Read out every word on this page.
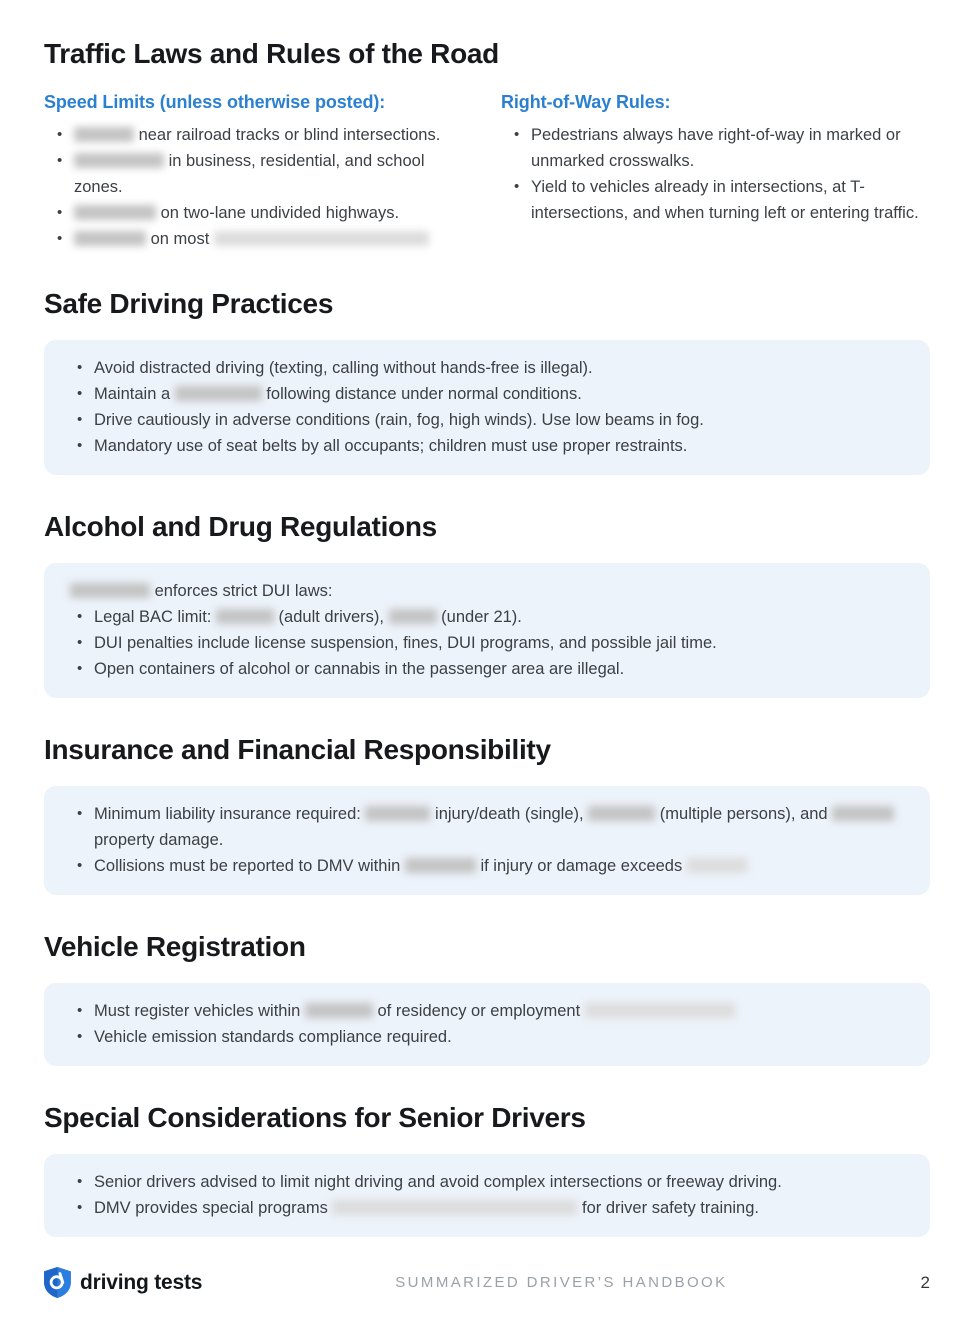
Traffic Laws and Rules of the Road
Speed Limits (unless otherwise posted):
• near railroad tracks or blind intersections.
• in business, residential, and school zones.
• on two-lane undivided highways.
• on most
Right-of-Way Rules:
• Pedestrians always have right-of-way in marked or unmarked crosswalks.
• Yield to vehicles already in intersections, at T-intersections, and when turning left or entering traffic.
Safe Driving Practices
• Avoid distracted driving (texting, calling without hands-free is illegal).
• Maintain a	following distance under normal conditions.
• Drive cautiously in adverse conditions (rain, fog, high winds). Use low beams in fog.
• Mandatory use of seat belts by all occupants; children must use proper restraints.
Alcohol and Drug Regulations

enforces strict DUI laws:

• Legal BAC limit:	(adult drivers),	(under 21).
• DUI penalties include license suspension, fines, DUI programs, and possible jail time.
• Open containers of alcohol or cannabis in the passenger area are illegal.
Insurance and Financial Responsibility
• Minimum liability insurance required:	injury/death (single),	(multiple persons), and  property damage.
• Collisions must be reported to DMV within	if injury or damage exceeds
Vehicle Registration
• Must register vehicles within	of residency or employment
• Vehicle emission standards compliance required.
Special Considerations for Senior Drivers
• Senior drivers advised to limit night driving and avoid complex intersections or freeway driving.
• DMV provides special programs	for driver safety training.
driving tests	SUMMARIZED DRIVER’S HANDBOOK	2
